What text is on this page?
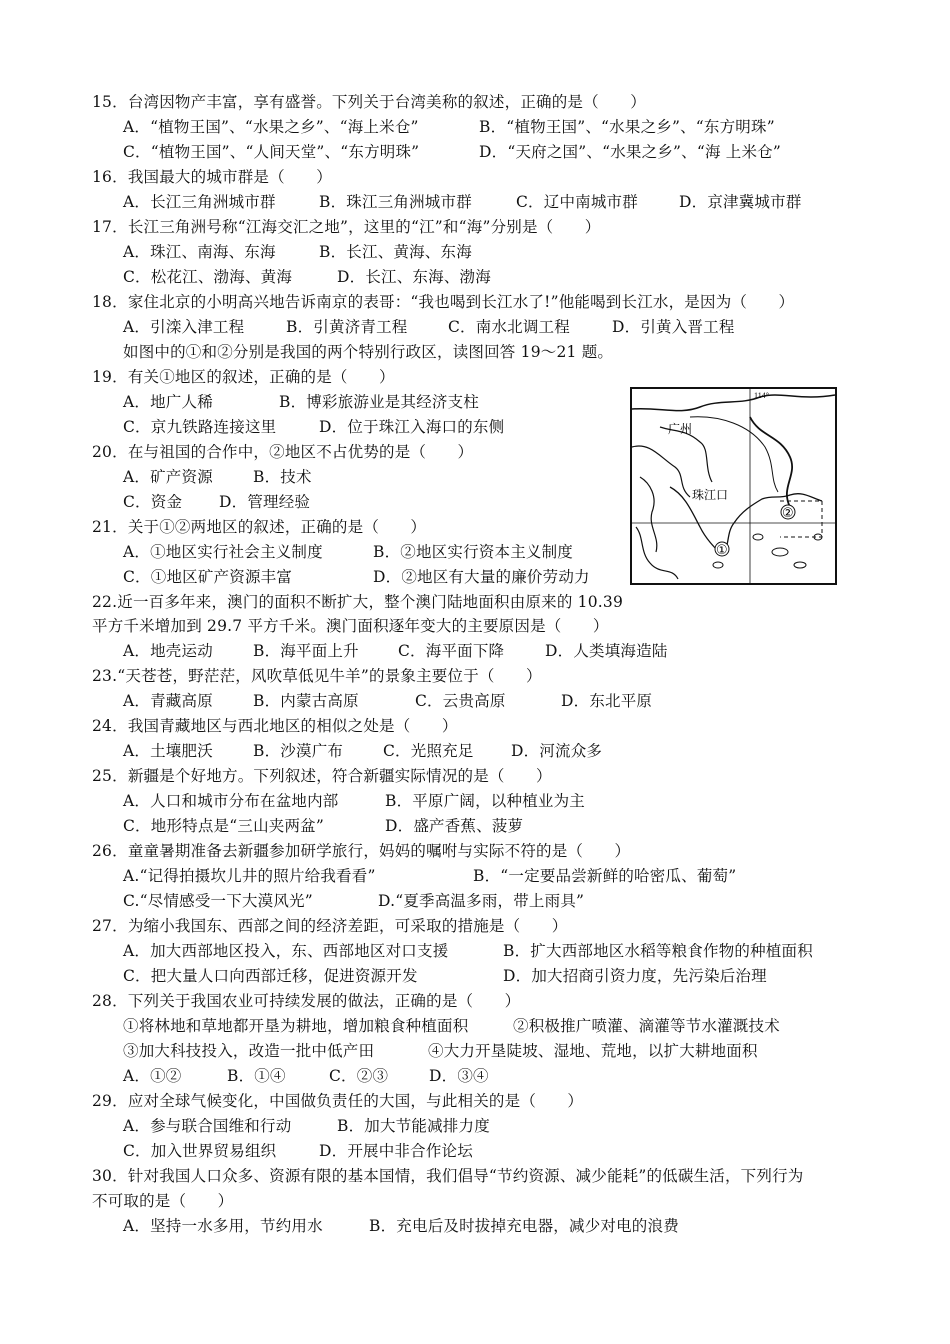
15．台湾因物产丰富，享有盛誉。下列关于台湾美称的叙述，正确的是（　　）
A．“植物王国”、“水果之乡”、“海上米仓”	B．“植物王国”、“水果之乡”、“东方明珠”
C．“植物王国”、“人间天堂”、“东方明珠”	D．“天府之国”、“水果之乡”、“海 上米仓”
16．我国最大的城市群是（　　）
A．长江三角洲城市群	B．珠江三角洲城市群	C．辽中南城市群	D．京津冀城市群
17．长江三角洲号称“江海交汇之地”，这里的“江”和“海”分别是（　　）
A．珠江、南海、东海	B．长江、黄海、东海
C．松花江、渤海、黄海	D．长江、东海、渤海
18．家住北京的小明高兴地告诉南京的表哥：“我也喝到长江水了!”他能喝到长江水，是因为（　　）
A．引滦入津工程	B．引黄济青工程	C．南水北调工程	D．引黄入晋工程
如图中的①和②分别是我国的两个特别行政区，读图回答 19～21 题。
19．有关①地区的叙述，正确的是（　　）
A．地广人稀	B．博彩旅游业是其经济支柱
C．京九铁路连接这里	D．位于珠江入海口的东侧
20．在与祖国的合作中，②地区不占优势的是（　　）
A．矿产资源	B．技术
C．资金 D．管理经验
21．关于①②两地区的叙述，正确的是（　　）
A．①地区实行社会主义制度	B．②地区实行资本主义制度
C．①地区矿产资源丰富	D．②地区有大量的廉价劳动力
22.近一百多年来，澳门的面积不断扩大，整个澳门陆地面积由原来的 10.39
平方千米增加到 29.7 平方千米。澳门面积逐年变大的主要原因是（　　）
A．地壳运动	B．海平面上升	C．海平面下降	D．人类填海造陆
23.“天苍苍，野茫茫，风吹草低见牛羊”的景象主要位于（　　）
A．青藏高原	B．内蒙古高原	C．云贵高原	D．东北平原
24．我国青藏地区与西北地区的相似之处是（　　）
A．土壤肥沃	B．沙漠广布	C．光照充足 D．河流众多
25．新疆是个好地方。下列叙述，符合新疆实际情况的是（　　）
A．人口和城市分布在盆地内部	B．平原广阔，以种植业为主
C．地形特点是“三山夹两盆”	D．盛产香蕉、菠萝
26．童童暑期准备去新疆参加研学旅行，妈妈的嘱咐与实际不符的是（　　）
A.“记得拍摄坎儿井的照片给我看看”	B．“一定要品尝新鲜的哈密瓜、葡萄”
C.“尽情感受一下大漠风光”	D.“夏季高温多雨，带上雨具”
27．为缩小我国东、西部之间的经济差距，可采取的措施是（　　）
A．加大西部地区投入，东、西部地区对口支援	B．扩大西部地区水稻等粮食作物的种植面积
C．把大量人口向西部迁移，促进资源开发	D．加大招商引资力度，先污染后治理
28．下列关于我国农业可持续发展的做法，正确的是（　　）
①将林地和草地都开垦为耕地，增加粮食种植面积	②积极推广喷灌、滴灌等节水灌溉技术
③加大科技投入，改造一批中低产田	④大力开垦陡坡、湿地、荒地，以扩大耕地面积
A．①②	B．①④	C．②③	D．③④
29．应对全球气候变化，中国做负责任的大国，与此相关的是（　　）
A．参与联合国维和行动	B．加大节能减排力度
C．加入世界贸易组织	D．开展中非合作论坛
30．针对我国人口众多、资源有限的基本国情，我们倡导“节约资源、减少能耗”的低碳生活，下列行为
不可取的是（　　）
A．坚持一水多用，节约用水	B．充电后及时拔掉充电器，减少对电的浪费
广州
珠江口
114°
①
②
